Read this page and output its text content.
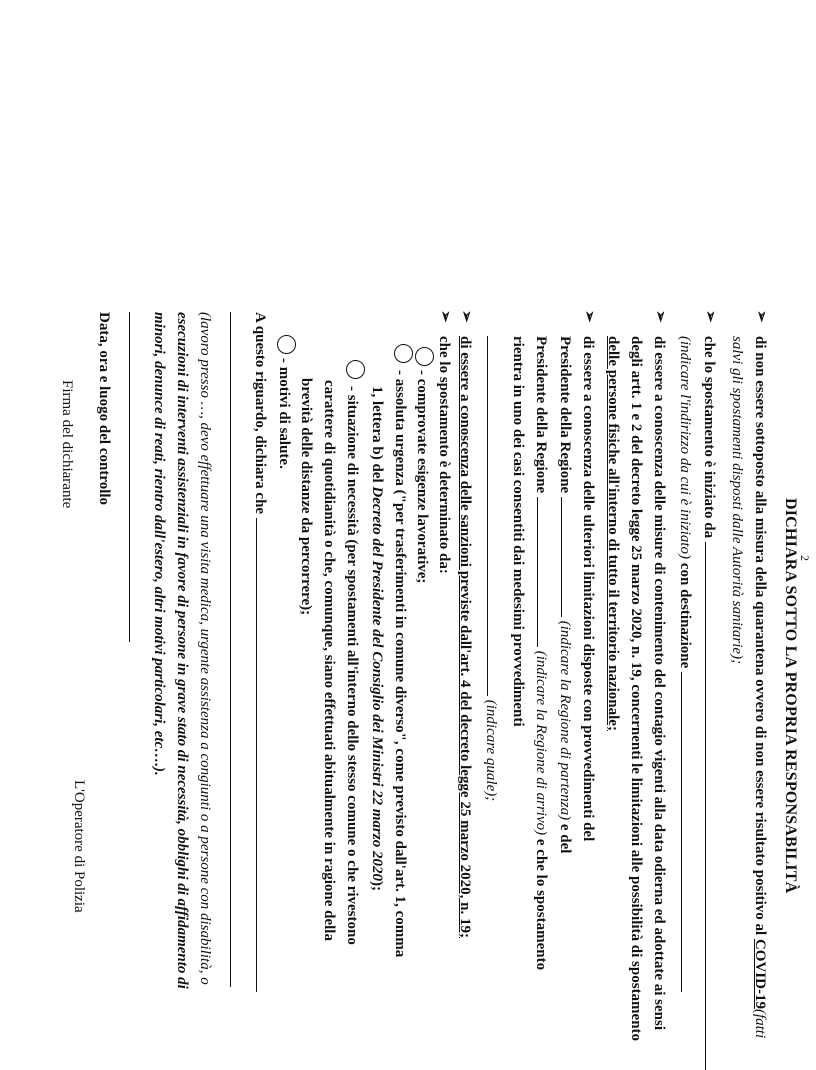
2
DICHIARA SOTTO LA PROPRIA RESPONSABILITÀ
➢
di non essere sottoposto alla misura della quarantena ovvero di non essere risultato positivo al COVID-19(fatti
salvi gli spostamenti disposti dalle Autorità sanitarie);
➢
che lo spostamento è iniziato da
(indicare l'indirizzo da cui è iniziato) con destinazione
➢
di essere a conoscenza delle misure di contenimento del contagio vigenti alla data odierna ed adottate ai sensi
degli artt. 1 e 2 del decreto legge 25 marzo 2020, n. 19, concernenti le limitazioni alle possibilità di spostamento
delle persone fisiche all'interno di tutto il territorio nazionale;
➢
di essere a conoscenza delle ulteriori limitazioni disposte con provvedimenti del
Presidente della Regione  (indicare la Regione di partenza) e del
Presidente della Regione  (indicare la Regione di arrivo) e che lo spostamento
rientra in uno dei casi consentiti dai medesimi provvedimenti
(indicare quale);
➢
di essere a conoscenza delle sanzioni previste dall'art. 4 del decreto legge 25 marzo 2020, n. 19;
➢
che lo spostamento è determinato da:
- comprovate esigenze lavorative;
- assoluta urgenza ("per trasferimenti in comune diverso", come previsto dall'art. 1, comma
1, lettera b) del Decreto del Presidente del Consiglio dei Ministri 22 marzo 2020);
- situazione di necessità (per spostamenti all'interno dello stesso comune o che rivestono
carattere di quotidianità o che, comunque, siano effettuati abitualmente in ragione della
brevità delle distanze da percorrere);
- motivi di salute.
A questo riguardo, dichiara che
(lavoro presso …, devo effettuare una visita medica, urgente assistenza a congiunti o a persone con disabilità, o
esecuzioni di interventi assistenziali in favore di persone in grave stato di necessità, obblighi di affidamento di
minori, denunce di reati, rientro dall'estero, altri motivi particolari, etc….).
Data, ora e luogo del controllo
Firma del dichiarante
L'Operatore di Polizia
